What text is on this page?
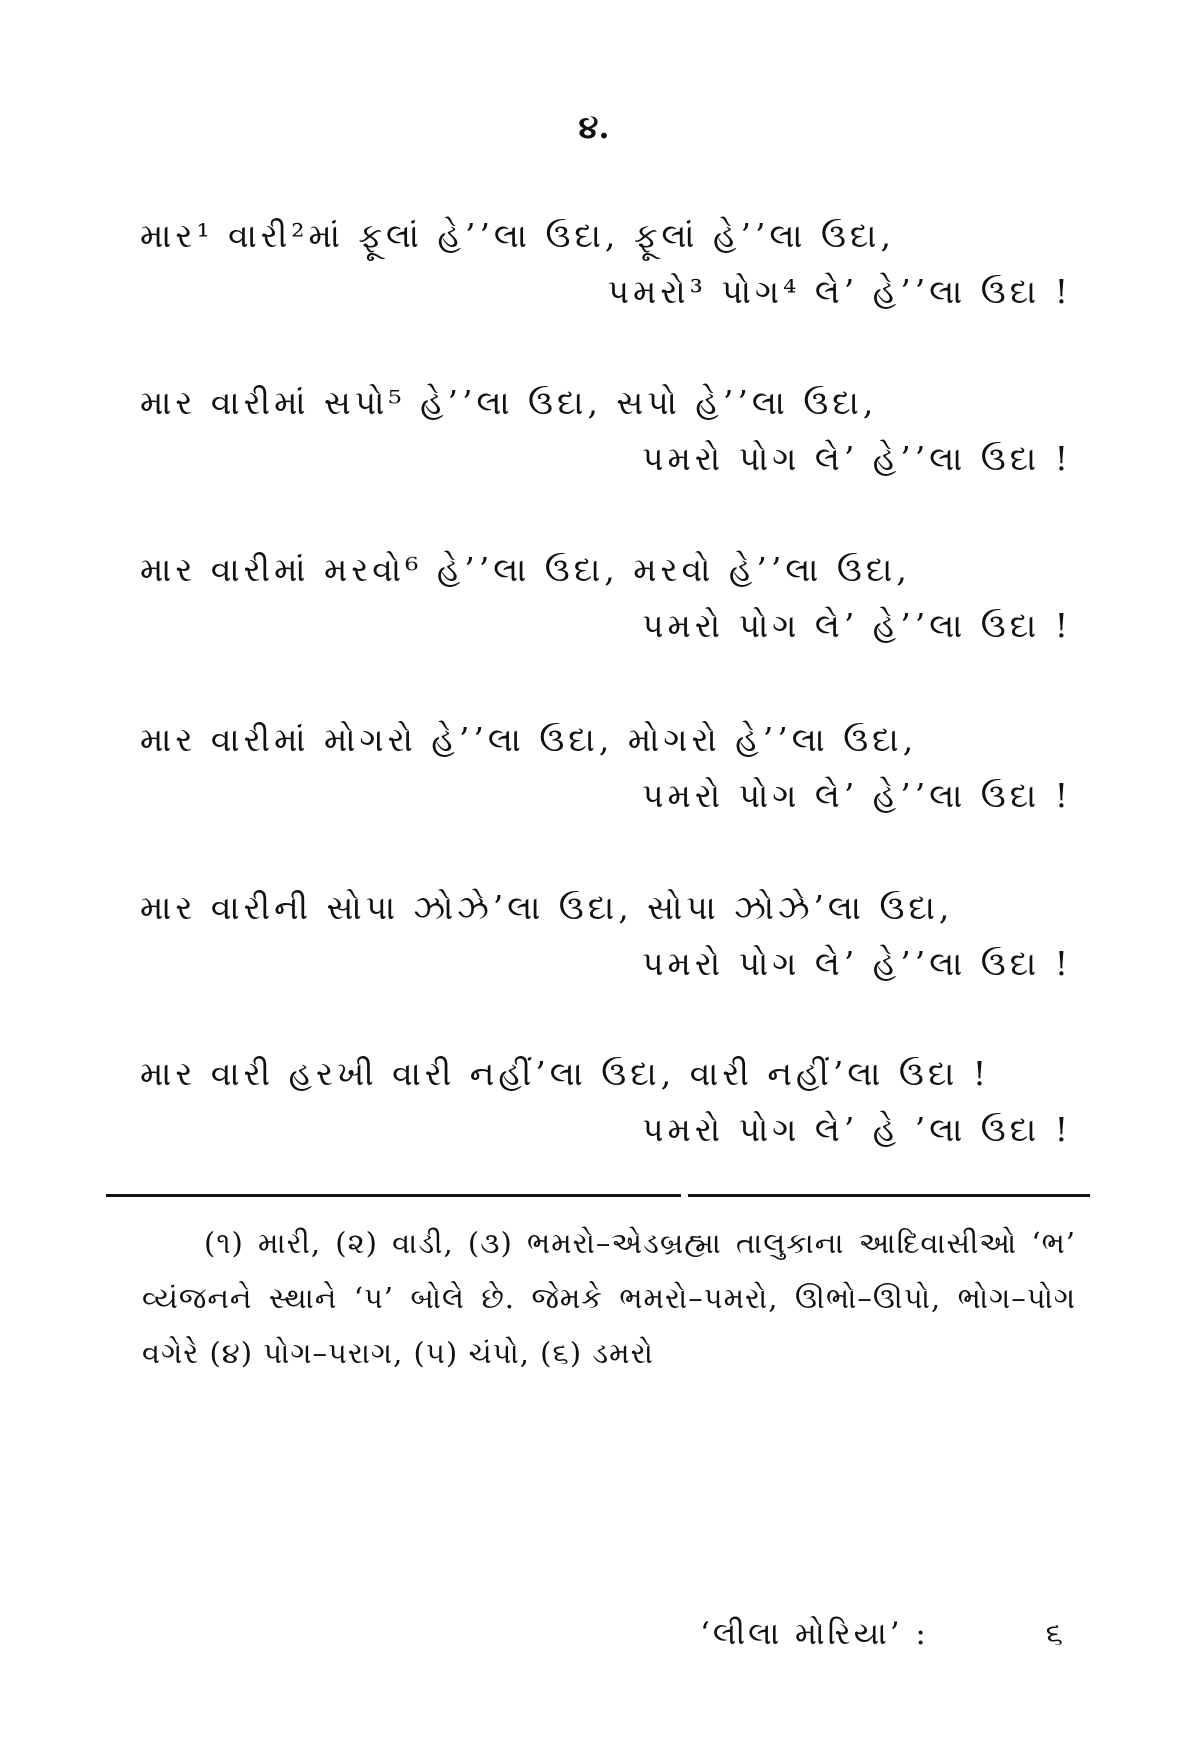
૪.
માર¹ વારી²માં ફૂલાં હે’’લા ઉદા, ફૂલાં હે’’લા ઉદા,
પમરો³ પોગ⁴ લે’ હે’’લા ઉદા !
માર વારીમાં સપો⁵ હે’’લા ઉદા, સપો હે’’લા ઉદા,
પમરો પોગ લે’ હે’’લા ઉદા !
માર વારીમાં મરવો⁶ હે’’લા ઉદા, મરવો હે’’લા ઉદા,
પમરો પોગ લે’ હે’’લા ઉદા !
માર વારીમાં મોગરો હે’’લા ઉદા, મોગરો હે’’લા ઉદા,
પમરો પોગ લે’ હે’’લા ઉદા !
માર વારીની સોપા ઝોઝે’લા ઉદા, સોપા ઝોઝે’લા ઉદા,
પમરો પોગ લે’ હે’’લા ઉદા !
માર વારી હરખી વારી નહીં’લા ઉદા, વારી નહીં’લા ઉદા !
પમરો પોગ લે’ હે ’લા ઉદા !
(૧) મારી, (૨) વાડી, (૩) ભમરો–એડબ્રહ્મા તાલુકાના આદિવાસીઓ ‘ભ’ વ્યંજનને સ્થાને ‘પ’ બોલે છે. જેમકે ભમરો–પમરો, ઊભો–ઊપો, ભોગ–પોગ વગેરે (૪) પોગ–પરાગ, (૫) ચંપો, (૬) ડમરો
‘લીલા મોરિયા’ :	૬
